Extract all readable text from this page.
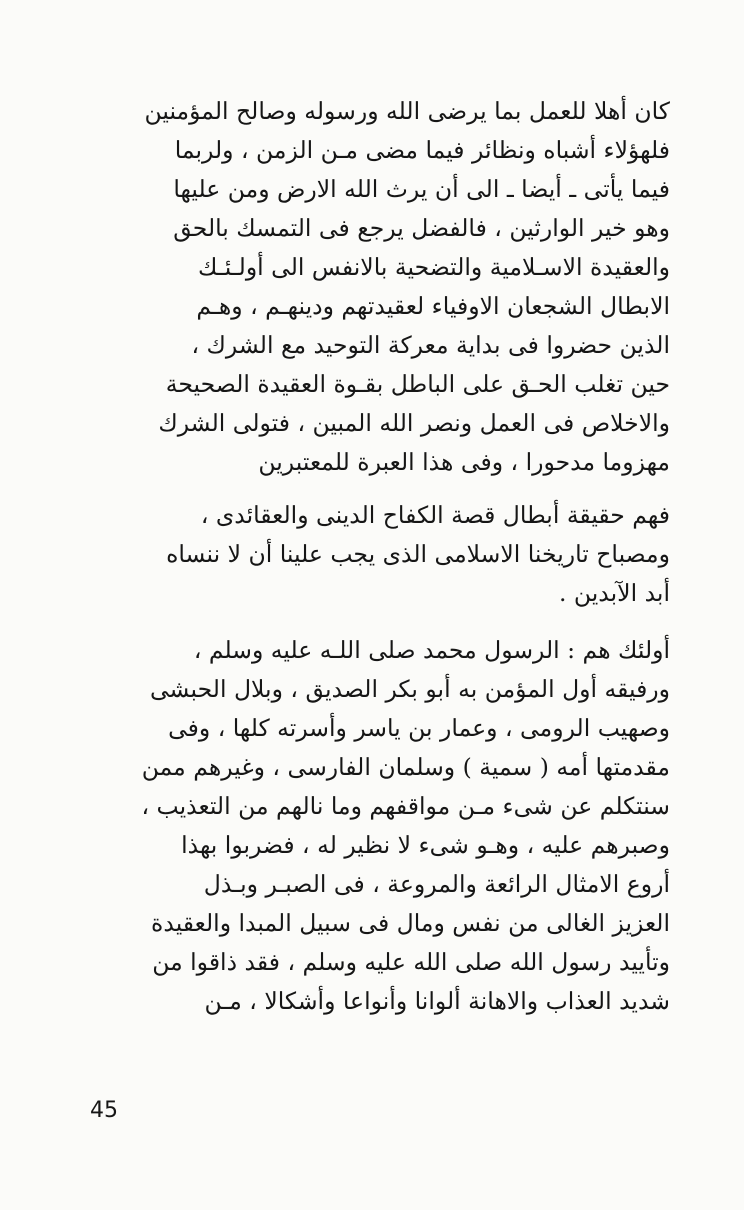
كان أهلا للعمل بما يرضى الله ورسوله وصالح المؤمنين
فلهؤلاء أشباه ونظائر فيما مضى مـن الزمن ، ولربما
فيما يأتى ـ أيضا ـ الى أن يرث الله الارض ومن عليها
وهو خير الوارثين ، فالفضل يرجع فى التمسك بالحق
والعقيدة الاسـلامية والتضحية بالانفس الى أولـئـك
الابطال الشجعان الاوفياء لعقيدتهم ودينهـم ، وهـم
الذين حضروا فى بداية معركة التوحيد مع الشرك ،
حين تغلب الحـق على الباطل بقـوة العقيدة الصحيحة
والاخلاص فى العمل ونصر الله المبين ، فتولى الشرك
مهزوما مدحورا ، وفى هذا العبرة للمعتبرين
فهم حقيقة أبطال قصة الكفاح الدينى والعقائدى ،
ومصباح تاريخنا الاسلامى الذى يجب علينا أن لا ننساه
أبد الآبدين .
أولئك هم : الرسول محمد صلى اللـه عليه وسلم ،
ورفيقه أول المؤمن به أبو بكر الصديق ، وبلال الحبشى
وصهيب الرومى ، وعمار بن ياسر وأسرته كلها ، وفى
مقدمتها أمه ( سمية ) وسلمان الفارسى ، وغيرهم ممن
سنتكلم عن شىء مـن مواقفهم وما نالهم من التعذيب ،
وصبرهم عليه ، وهـو شىء لا نظير له ، فضربوا بهذا
أروع الامثال الرائعة والمروعة ، فى الصبـر وبـذل
العزيز الغالى من نفس ومال فى سبيل المبدا والعقيدة
وتأييد رسول الله صلى الله عليه وسلم ، فقد ذاقوا من
شديد العذاب والاهانة ألوانا وأنواعا وأشكالا ، مـن
45
